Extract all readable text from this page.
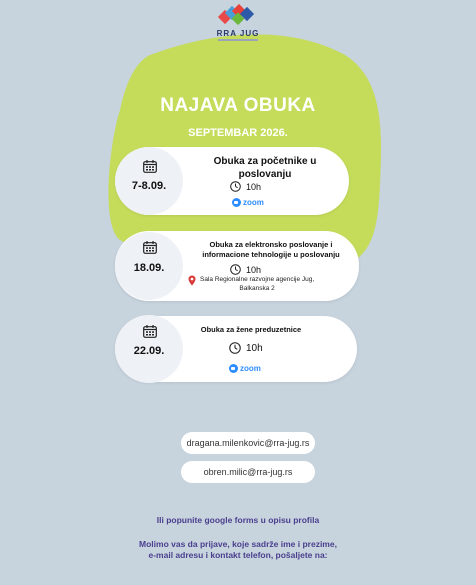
RRA JUG
NAJAVA OBUKA
SEPTEMBAR 2026.
7-8.09.
Obuka za početnike u
poslovanju
10h
zoom
18.09.
Obuka za elektronsko poslovanje i
informacione tehnologije u poslovanju
10h
Sala Regionalne razvojne agencije Jug,
Balkanska 2
22.09.
Obuka za žene preduzetnice
10h
zoom
dragana.milenkovic@rra-jug.rs
obren.milic@rra-jug.rs
Ili popunite google forms u opisu profila
Molimo vas da prijave, koje sadrže ime i prezime,
e-mail adresu i kontakt telefon, pošaljete na:
